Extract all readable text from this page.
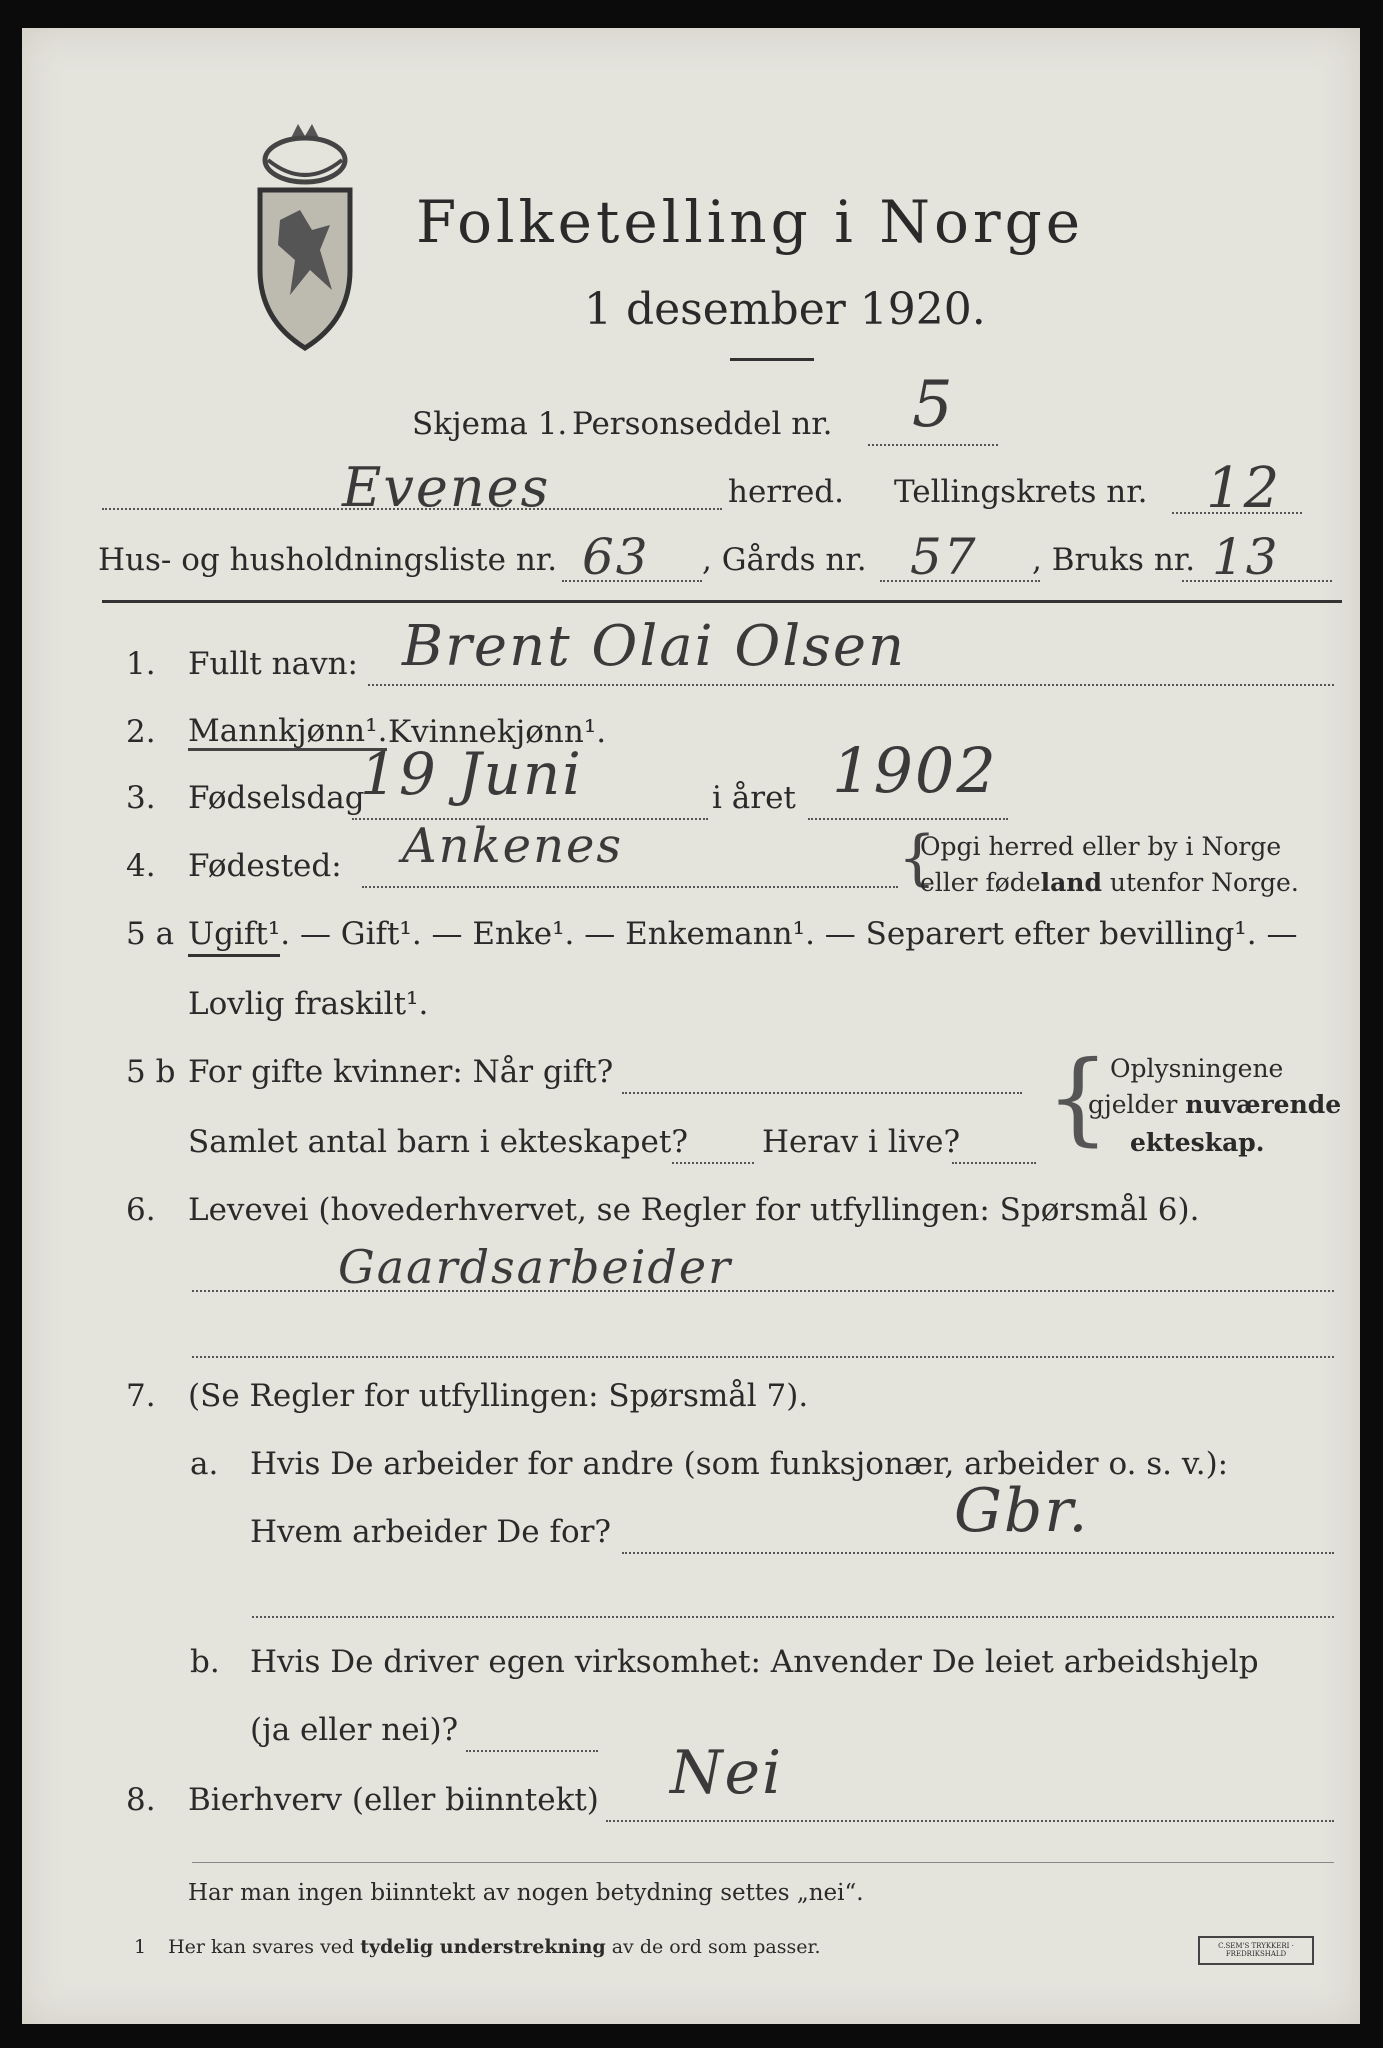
Folketelling i Norge
1 desember 1920.
Skjema 1. Personseddel nr. 5
Evenes	herred. Tellingskrets nr. 12
Hus- og husholdningsliste nr. 63 , Gårds nr. 57 , Bruks nr. 13
1. Fullt navn: Brent Olai Olsen
2. Mannkjønn¹. Kvinnekjønn¹.
3. Fødselsdag
19 Juni	i året 1902
4. Fødested: Ankenes	{
Opgi herred eller by i Norge
eller fødeland utenfor Norge.
5 a Ugift¹. — Gift¹. — Enke¹. — Enkemann¹. — Separert efter bevilling¹. —
Lovlig fraskilt¹.
5 b For gifte kvinner: Når gift?
Samlet antal barn i ekteskapet? Herav i live? { Oplysningene
gjelder nuværende
ekteskap.
6. Levevei (hovederhvervet, se Regler for utfyllingen: Spørsmål 6).
Gaardsarbeider
7. (Se Regler for utfyllingen: Spørsmål 7).
a. Hvis De arbeider for andre (som funksjonær, arbeider o. s. v.):
Hvem arbeider De for?	Gbr.
b. Hvis De driver egen virksomhet: Anvender De leiet arbeidshjelp
(ja eller nei)?
8. Bierhverv (eller biinntekt) Nei
Har man ingen biinntekt av nogen betydning settes „nei“.
1 Her kan svares ved tydelig understrekning av de ord som passer.	C.SEM'S TRYKKERI · FREDRIKSHALD
